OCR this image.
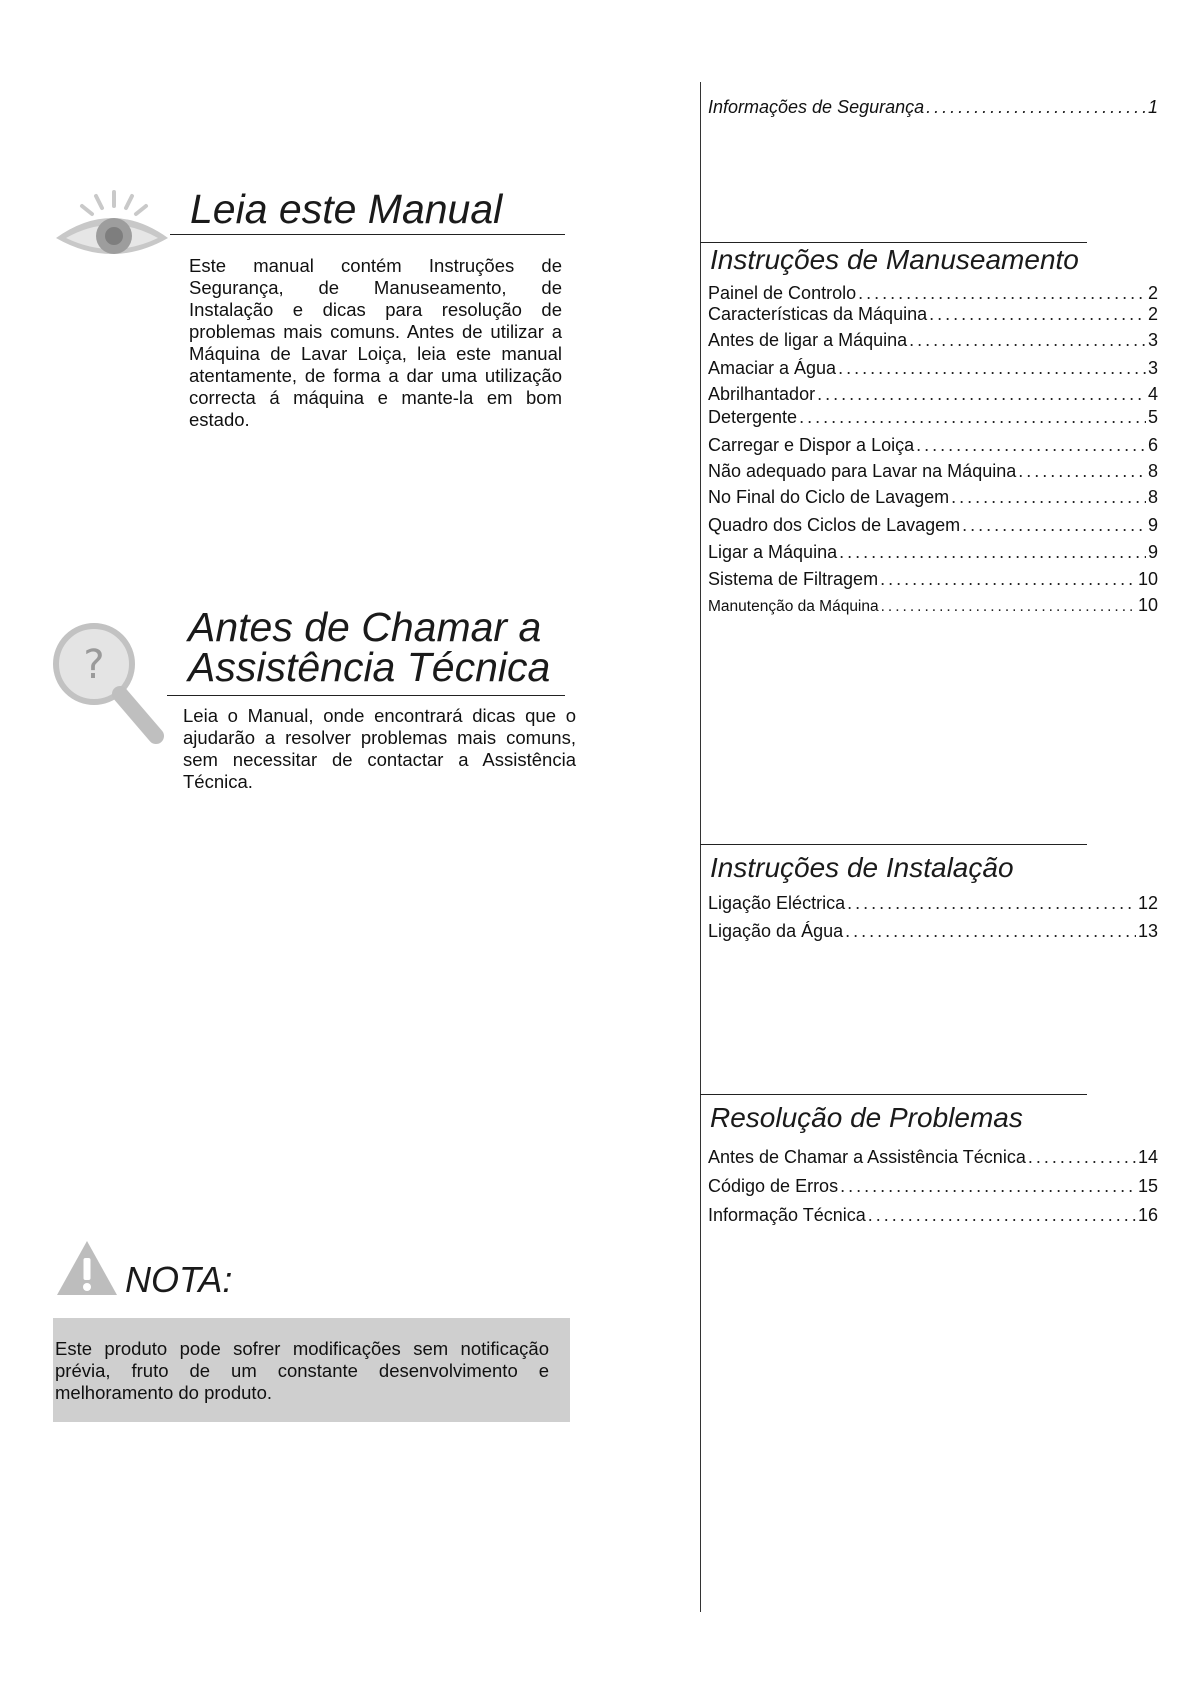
Leia este Manual

Este manual contém Instruções de Segurança, de Manuseamento, de Instalação e dicas para resolução de problemas mais comuns. Antes de utilizar a Máquina de Lavar Loiça, leia este manual atentamente, de forma a dar uma utilização correcta á máquina e mante-la em bom estado.

?
Antes de Chamar a
Assistência Técnica

Leia o Manual, onde encontrará dicas que o ajudarão a resolver problemas mais comuns, sem necessitar de contactar a Assistência Técnica.

NOTA:

Este produto pode sofrer modificações sem notificação prévia, fruto de um constante desenvolvimento e melhoramento do produto.

Informações de Segurança .....	1
Instruções de Manuseamento
Painel de Controlo .....	2
Características da Máquina .....	2
Antes de ligar a Máquina .....	3
Amaciar a Água .....	3
Abrilhantador .....	4
Detergente .....	5
Carregar e Dispor a Loiça .....	6
Não adequado para Lavar na Máquina .....	8
No Final do Ciclo de Lavagem .....	8
Quadro dos Ciclos de Lavagem .....	9
Ligar a Máquina .....	9
Sistema de Filtragem .....	10
Manutenção da Máquina .....	10
Instruções de Instalação
Ligação Eléctrica .....	12
Ligação da Água .....	13
Resolução de Problemas
Antes de Chamar a Assistência Técnica .....	14
Código de Erros .....	15
Informação Técnica .....	16
